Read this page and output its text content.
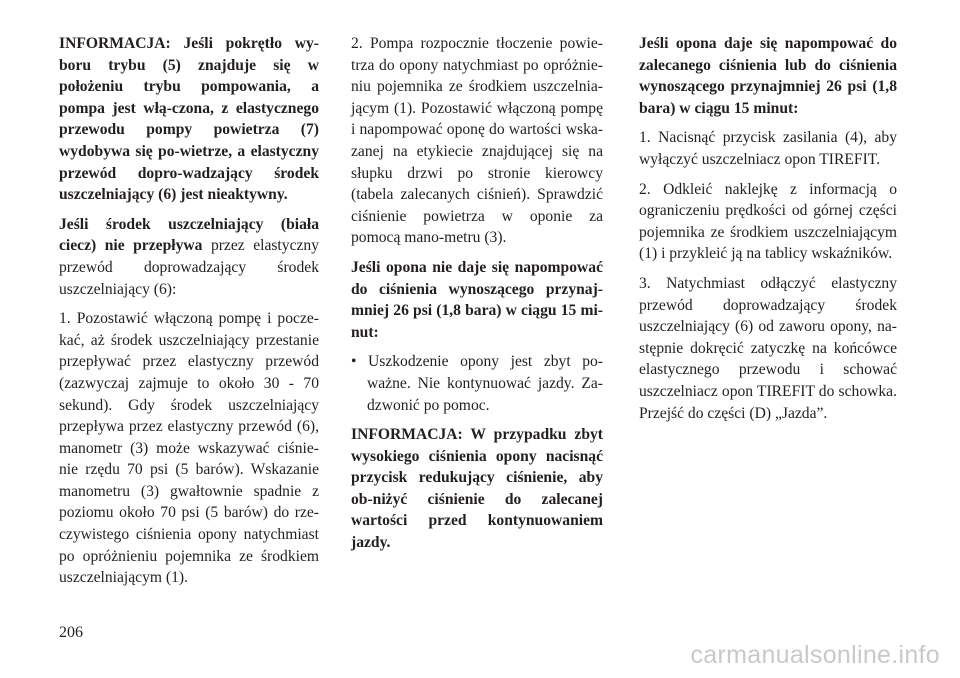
INFORMACJA: Jeśli pokrętło wy-boru trybu (5) znajduje się w położeniu trybu pompowania, a pompa jest włą-czona, z elastycznego przewodu pompy powietrza (7) wydobywa się po-wietrze, a elastyczny przewód dopro-wadzający środek uszczelniający (6) jest nieaktywny.

Jeśli środek uszczelniający (biała ciecz) nie przepływa przez elastyczny przewód doprowadzający środek uszczelniający (6):

1. Pozostawić włączoną pompę i pocze-kać, aż środek uszczelniający przestanie przepływać przez elastyczny przewód (zazwyczaj zajmuje to około 30 - 70 sekund). Gdy środek uszczelniający przepływa przez elastyczny przewód (6), manometr (3) może wskazywać ciśnie-nie rzędu 70 psi (5 barów). Wskazanie manometru (3) gwałtownie spadnie z poziomu około 70 psi (5 barów) do rze-czywistego ciśnienia opony natychmiast po opróżnieniu pojemnika ze środkiem uszczelniającym (1).

2. Pompa rozpocznie tłoczenie powie-trza do opony natychmiast po opróżnie-niu pojemnika ze środkiem uszczelnia-jącym (1). Pozostawić włączoną pompę i napompować oponę do wartości wska-zanej na etykiecie znajdującej się na słupku drzwi po stronie kierowcy (tabela zalecanych ciśnień). Sprawdzić ciśnienie powietrza w oponie za pomocą mano-metru (3).

Jeśli opona nie daje się napompować do ciśnienia wynoszącego przynaj-mniej 26 psi (1,8 bara) w ciągu 15 mi-nut:

• Uszkodzenie opony jest zbyt po-ważne. Nie kontynuować jazdy. Za-dzwonić po pomoc.

INFORMACJA: W przypadku zbyt wysokiego ciśnienia opony nacisnąć przycisk redukujący ciśnienie, aby ob-niżyć ciśnienie do zalecanej wartości przed kontynuowaniem jazdy.

Jeśli opona daje się napompować do zalecanego ciśnienia lub do ciśnienia wynoszącego przynajmniej 26 psi (1,8 bara) w ciągu 15 minut:

1. Nacisnąć przycisk zasilania (4), aby wyłączyć uszczelniacz opon TIREFIT.

2. Odkleić naklejkę z informacją o ograniczeniu prędkości od górnej części pojemnika ze środkiem uszczelniającym (1) i przykleić ją na tablicy wskaźników.

3. Natychmiast odłączyć elastyczny przewód doprowadzający środek uszczelniający (6) od zaworu opony, na-stępnie dokręcić zatyczkę na końcówce elastycznego przewodu i schować uszczelniacz opon TIREFIT do schowka. Przejść do części (D) „Jazda”.

206
carmanualsonline.info
